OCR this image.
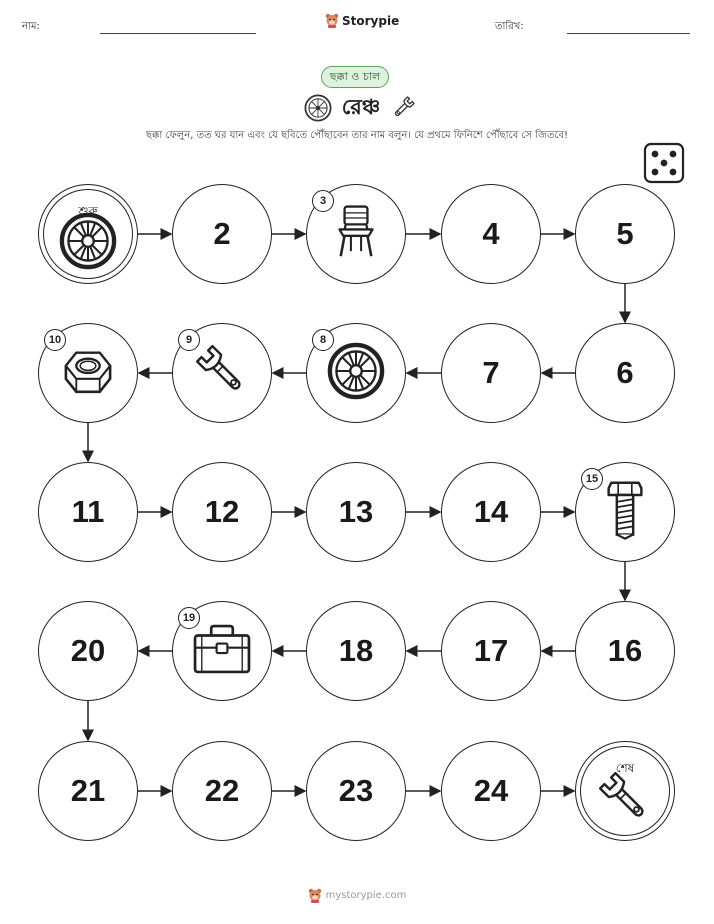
নাম:	Storypie	তারিখ:
ছক্কা ও চাল
রেঞ্চ
ছক্কা ফেলুন, তত ঘর যান এবং যে ছবিতে পৌঁছাবেন তার নাম বলুন। যে প্রথমে ফিনিশে পৌঁছাবে সে জিতবে!
শুরু
2
3
4	5
6
7
8
9
10
11	12	13	14
15
16
17
18
19
20
21	22	23	24
শেষ
mystorypie.com
